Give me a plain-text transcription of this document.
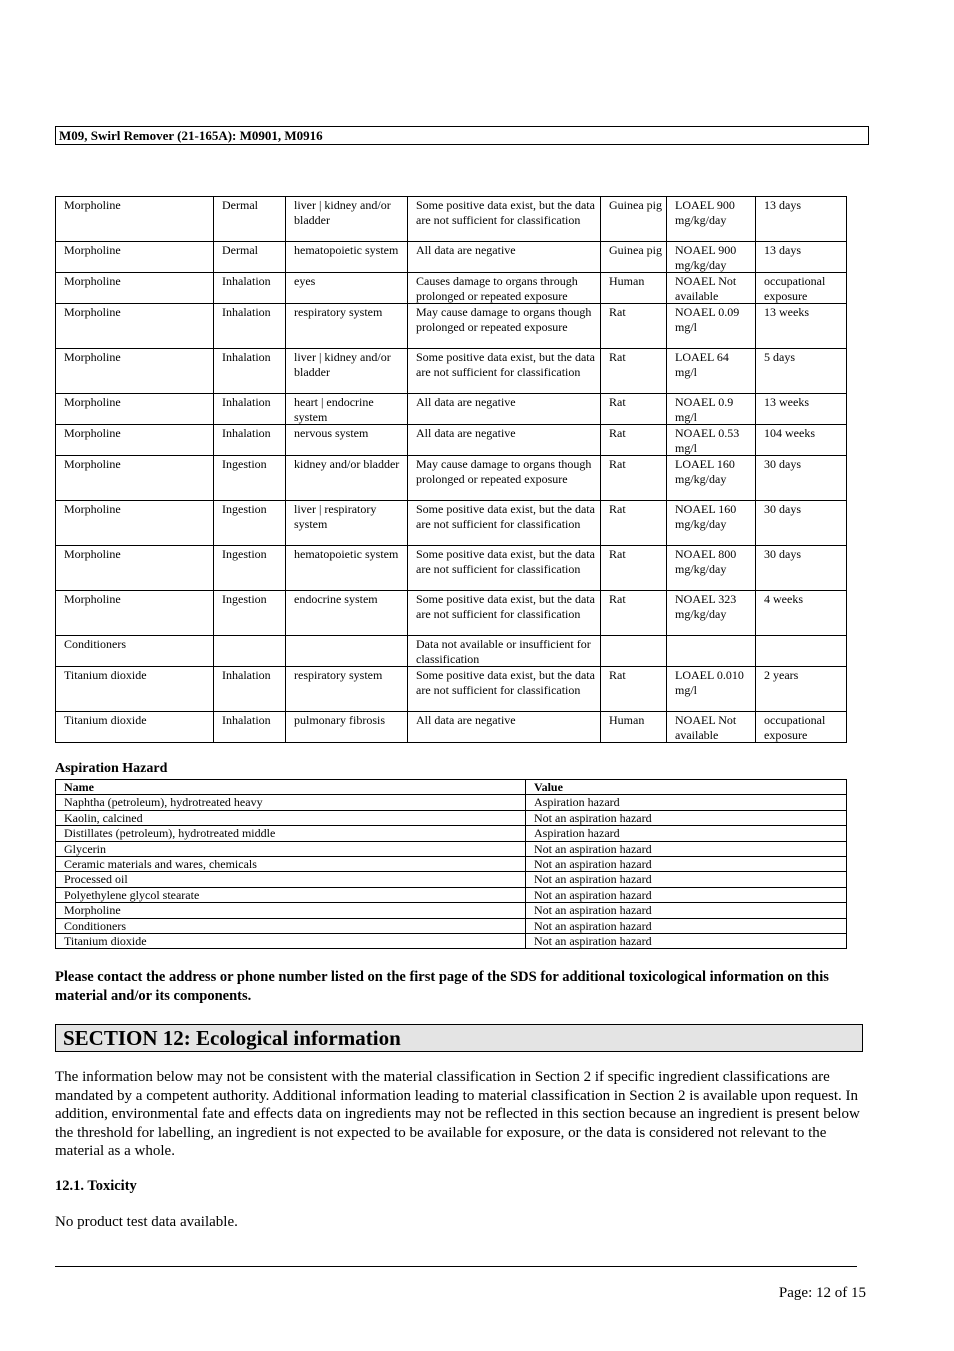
M09, Swirl Remover (21-165A): M0901, M0916
Morpholine	Dermal	liver | kidney and/or bladder	Some positive data exist, but the data are not sufficient for classification	Guinea pig	LOAEL 900 mg/kg/day	13 days
Morpholine	Dermal	hematopoietic system	All data are negative	Guinea pig	NOAEL 900 mg/kg/day	13 days
Morpholine	Inhalation	eyes	Causes damage to organs through prolonged or repeated exposure	Human	NOAEL Not available	occupational exposure
Morpholine	Inhalation	respiratory system	May cause damage to organs though prolonged or repeated exposure	Rat	NOAEL 0.09 mg/l	13 weeks
Morpholine	Inhalation	liver | kidney and/or bladder	Some positive data exist, but the data are not sufficient for classification	Rat	LOAEL 64 mg/l	5 days
Morpholine	Inhalation	heart | endocrine system	All data are negative	Rat	NOAEL 0.9 mg/l	13 weeks
Morpholine	Inhalation	nervous system	All data are negative	Rat	NOAEL 0.53 mg/l	104 weeks
Morpholine	Ingestion	kidney and/or bladder	May cause damage to organs though prolonged or repeated exposure	Rat	LOAEL 160 mg/kg/day	30 days
Morpholine	Ingestion	liver | respiratory system	Some positive data exist, but the data are not sufficient for classification	Rat	NOAEL 160 mg/kg/day	30 days
Morpholine	Ingestion	hematopoietic system	Some positive data exist, but the data are not sufficient for classification	Rat	NOAEL 800 mg/kg/day	30 days
Morpholine	Ingestion	endocrine system	Some positive data exist, but the data are not sufficient for classification	Rat	NOAEL 323 mg/kg/day	4 weeks
Conditioners			Data not available or insufficient for classification			
Titanium dioxide	Inhalation	respiratory system	Some positive data exist, but the data are not sufficient for classification	Rat	LOAEL 0.010 mg/l	2 years
Titanium dioxide	Inhalation	pulmonary fibrosis	All data are negative	Human	NOAEL Not available	occupational exposure
Aspiration Hazard
Name	Value
Naphtha (petroleum), hydrotreated heavy	Aspiration hazard
Kaolin, calcined	Not an aspiration hazard
Distillates (petroleum), hydrotreated middle	Aspiration hazard
Glycerin	Not an aspiration hazard
Ceramic materials and wares, chemicals	Not an aspiration hazard
Processed oil	Not an aspiration hazard
Polyethylene glycol stearate	Not an aspiration hazard
Morpholine	Not an aspiration hazard
Conditioners	Not an aspiration hazard
Titanium dioxide	Not an aspiration hazard
Please contact the address or phone number listed on the first page of the SDS for additional toxicological information on this material and/or its components.
SECTION 12: Ecological information
The information below may not be consistent with the material classification in Section 2 if specific ingredient classifications are mandated by a competent authority. Additional information leading to material classification in Section 2 is available upon request. In addition, environmental fate and effects data on ingredients may not be reflected in this section because an ingredient is present below the threshold for labelling, an ingredient is not expected to be available for exposure, or the data is considered not relevant to the material as a whole.
12.1. Toxicity
No product test data available.
Page: 12 of 15
